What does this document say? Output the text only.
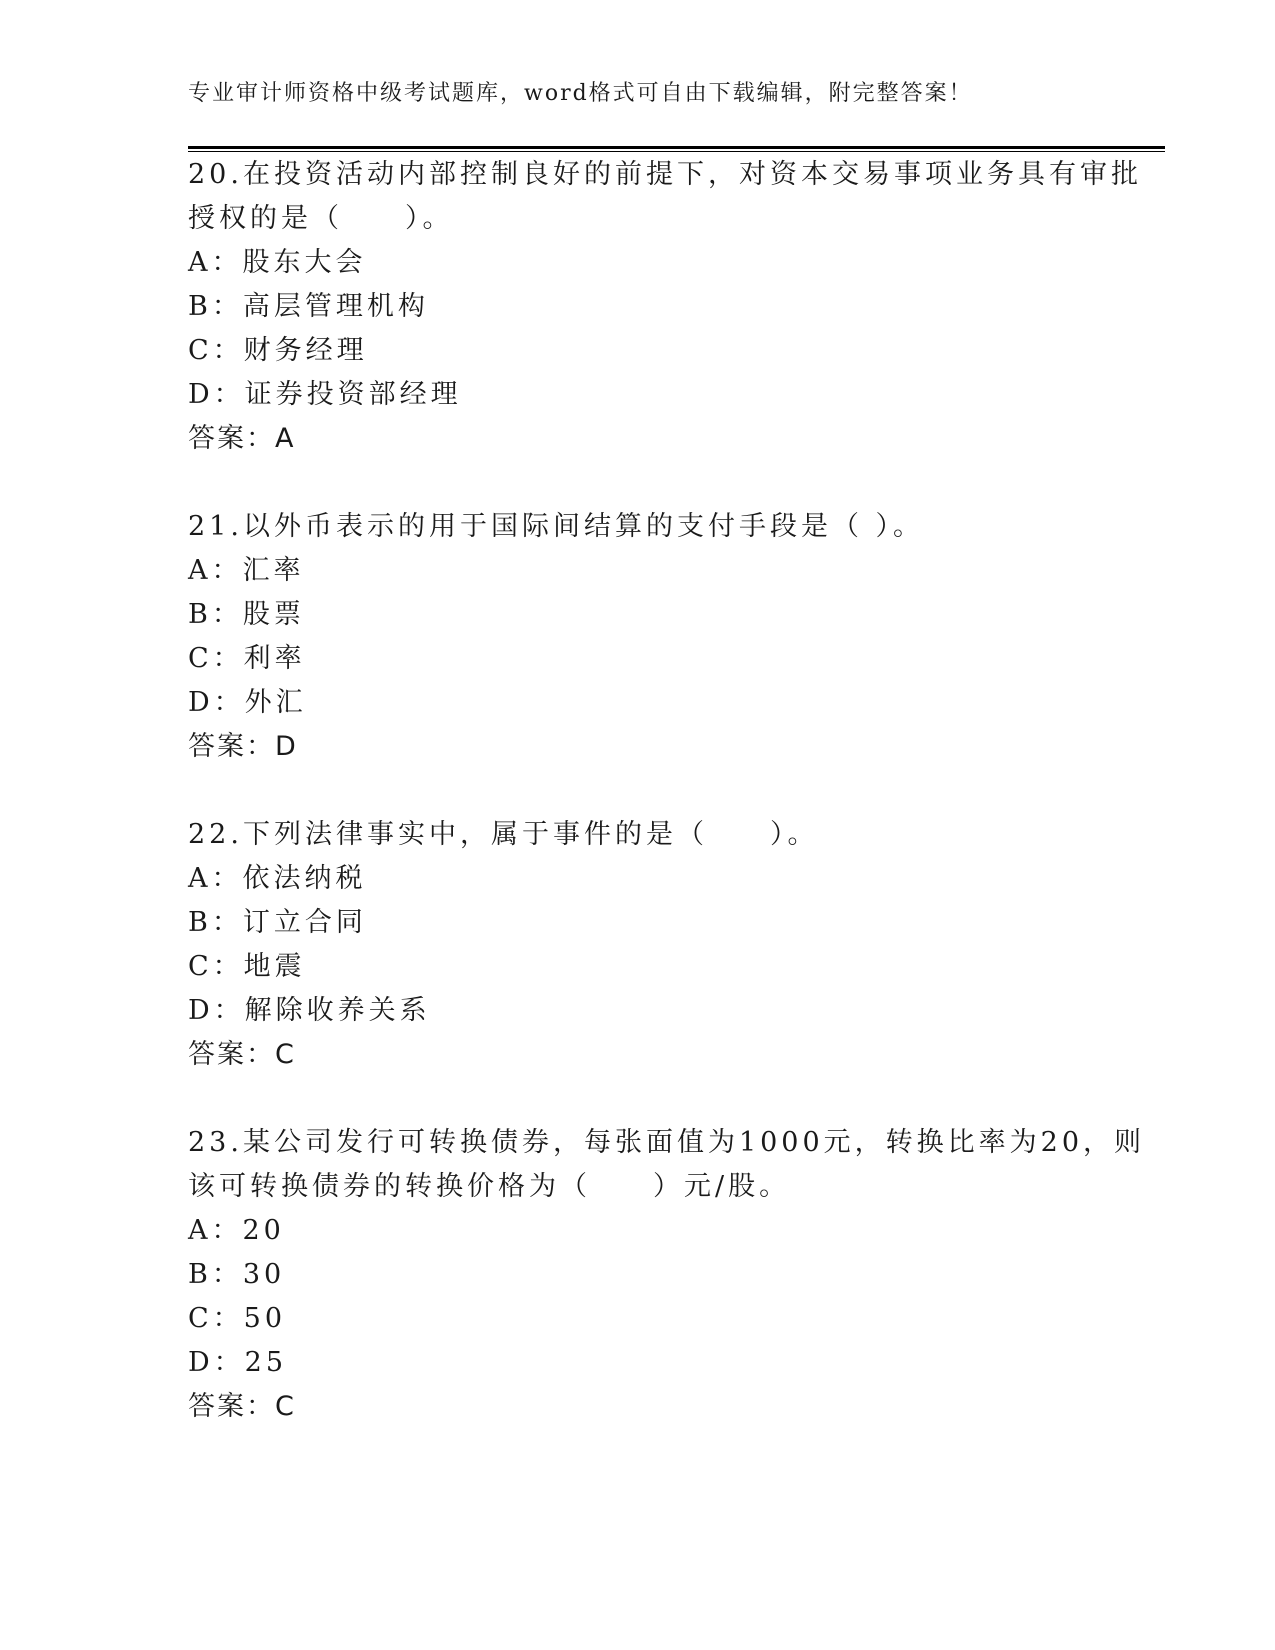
专业审计师资格中级考试题库，word格式可自由下载编辑，附完整答案！
20.在投资活动内部控制良好的前提下，对资本交易事项业务具有审批
授权的是（　　）。
A：股东大会
B：高层管理机构
C：财务经理
D：证券投资部经理
答案：A
21.以外币表示的用于国际间结算的支付手段是（ ）。
A：汇率
B：股票
C：利率
D：外汇
答案：D
22.下列法律事实中，属于事件的是（　　）。
A：依法纳税
B：订立合同
C：地震
D：解除收养关系
答案：C
23.某公司发行可转换债券，每张面值为1000元，转换比率为20，则
该可转换债券的转换价格为（　　）元/股。
A：20
B：30
C：50
D：25
答案：C
